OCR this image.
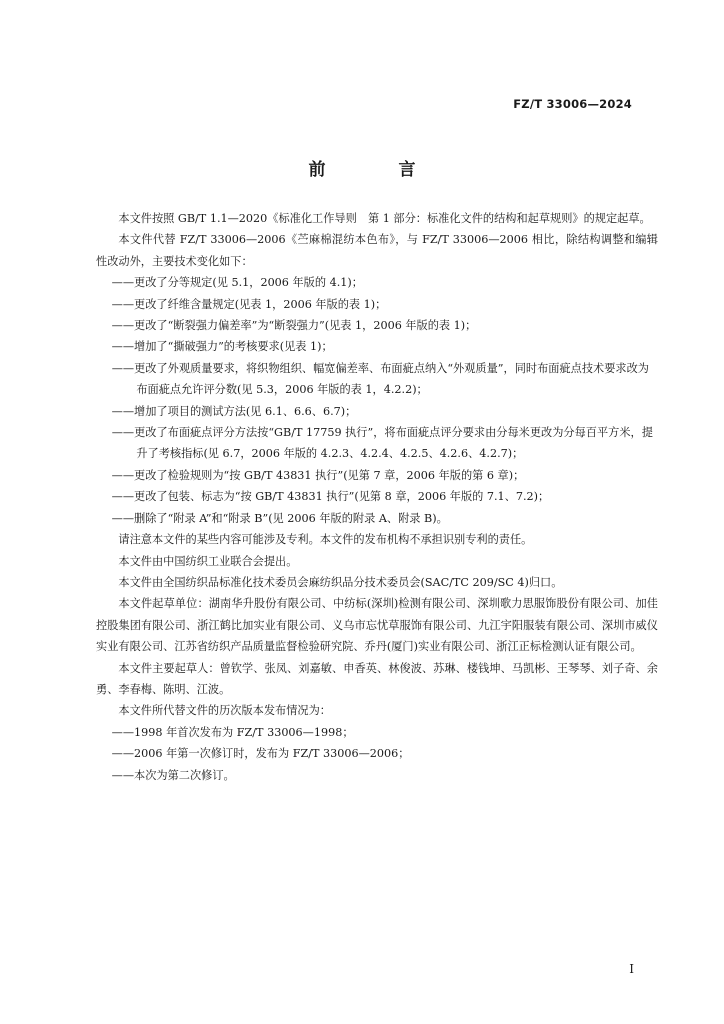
FZ/T 33006—2024
前　言

本文件按照 GB/T 1.1—2020《标准化工作导则　第 1 部分：标准化文件的结构和起草规则》的规定起草。

本文件代替 FZ/T 33006—2006《苎麻棉混纺本色布》，与 FZ/T 33006—2006 相比，除结构调整和编辑性改动外，主要技术变化如下：

——更改了分等规定(见 5.1，2006 年版的 4.1)；

——更改了纤维含量规定(见表 1，2006 年版的表 1)；

——更改了“断裂强力偏差率”为“断裂强力”(见表 1，2006 年版的表 1)；

——增加了“撕破强力”的考核要求(见表 1)；

——更改了外观质量要求，将织物组织、幅宽偏差率、布面疵点纳入“外观质量”，同时布面疵点技术要求改为布面疵点允许评分数(见 5.3，2006 年版的表 1，4.2.2)；

——增加了项目的测试方法(见 6.1、6.6、6.7)；

——更改了布面疵点评分方法按“GB/T 17759 执行”，将布面疵点评分要求由分每米更改为分每百平方米，提升了考核指标(见 6.7，2006 年版的 4.2.3、4.2.4、4.2.5、4.2.6、4.2.7)；

——更改了检验规则为“按 GB/T 43831 执行”(见第 7 章，2006 年版的第 6 章)；

——更改了包装、标志为“按 GB/T 43831 执行”(见第 8 章，2006 年版的 7.1、7.2)；

——删除了“附录 A”和“附录 B”(见 2006 年版的附录 A、附录 B)。

请注意本文件的某些内容可能涉及专利。本文件的发布机构不承担识别专利的责任。

本文件由中国纺织工业联合会提出。

本文件由全国纺织品标准化技术委员会麻纺织品分技术委员会(SAC/TC 209/SC 4)归口。

本文件起草单位：湖南华升股份有限公司、中纺标(深圳)检测有限公司、深圳歌力思服饰股份有限公司、加佳控股集团有限公司、浙江鹤比加实业有限公司、义乌市忘忧草服饰有限公司、九江宇阳服装有限公司、深圳市威仪实业有限公司、江苏省纺织产品质量监督检验研究院、乔丹(厦门)实业有限公司、浙江正标检测认证有限公司。

本文件主要起草人：曾钦学、张凤、刘嘉敏、申香英、林俊波、苏琳、楼钱坤、马凯彬、王琴琴、刘子奇、余勇、李春梅、陈明、江波。

本文件所代替文件的历次版本发布情况为：

——1998 年首次发布为 FZ/T 33006—1998；

——2006 年第一次修订时，发布为 FZ/T 33006—2006；

——本次为第二次修订。

I
